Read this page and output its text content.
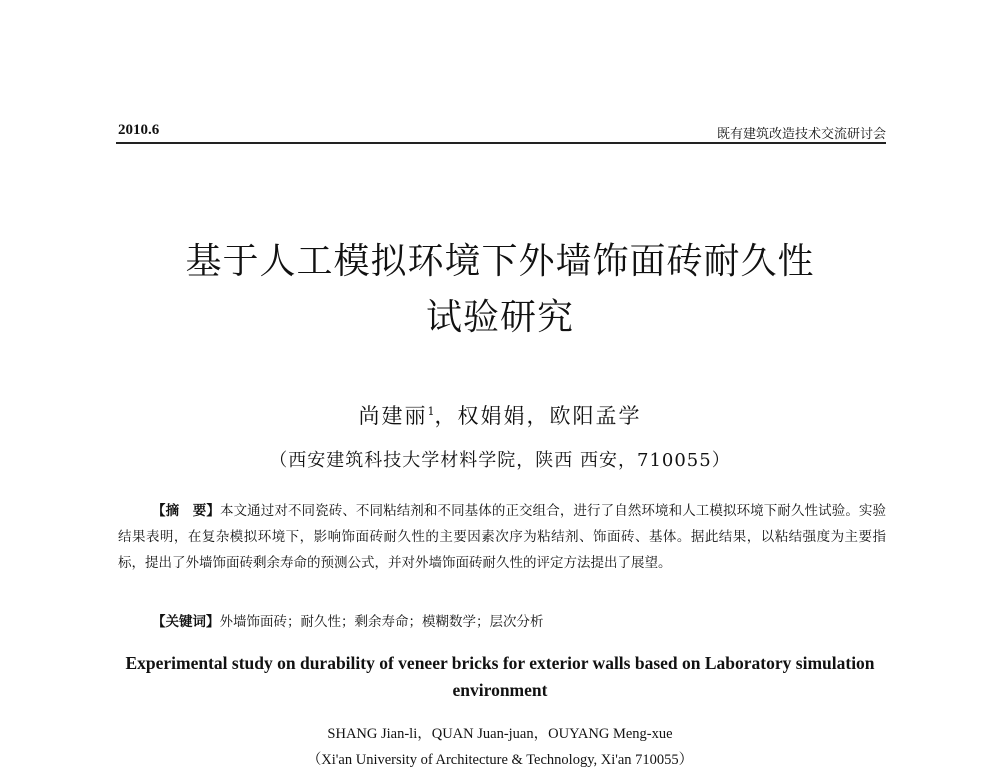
2010.6	既有建筑改造技术交流研讨会
基于人工模拟环境下外墙饰面砖耐久性
试验研究
尚建丽$^1$，权娟娟，欧阳孟学
（西安建筑科技大学材料学院，陕西 西安，710055）

【摘　要】本文通过对不同瓷砖、不同粘结剂和不同基体的正交组合，进行了自然环境和人工模拟环境下耐久性试验。实验结果表明，在复杂模拟环境下，影响饰面砖耐久性的主要因素次序为粘结剂、饰面砖、基体。据此结果，以粘结强度为主要指标，提出了外墙饰面砖剩余寿命的预测公式，并对外墙饰面砖耐久性的评定方法提出了展望。

【关键词】外墙饰面砖；耐久性；剩余寿命；模糊数学；层次分析

Experimental study on durability of veneer bricks for exterior walls based on Laboratory simulation environment

SHANG Jian-li，QUAN Juan-juan，OUYANG Meng-xue
（Xi'an University of Architecture & Technology, Xi'an 710055）
